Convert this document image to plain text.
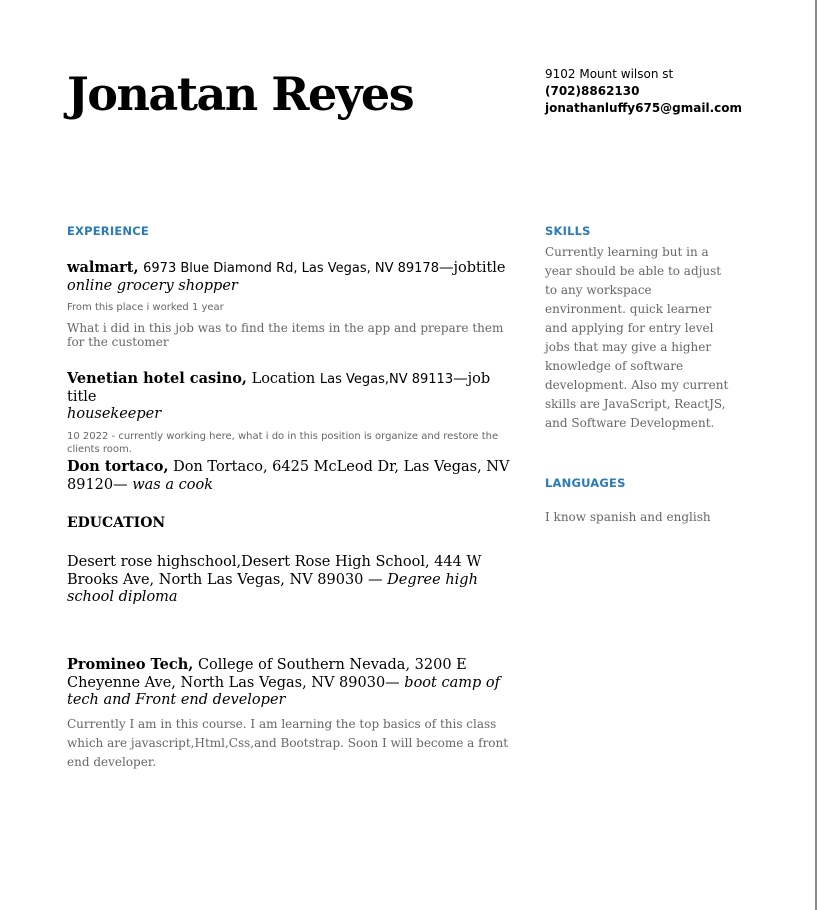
Jonatan Reyes	9102 Mount wilson st
(702)8862130
jonathanluffy675@gmail.com
EXPERIENCE
walmart, 6973 Blue Diamond Rd, Las Vegas, NV 89178—jobtitle
online grocery shopper
From this place i worked 1 year
What i did in this job was to find the items in the app and prepare them for the customer
Venetian hotel casino, Location Las Vegas,NV 89113—job title
housekeeper
10 2022 - currently working here, what i do in this position is organize and restore the clients room.
Don tortaco, Don Tortaco, 6425 McLeod Dr, Las Vegas, NV 89120— was a cook
EDUCATION
Desert rose highschool,Desert Rose High School, 444 W Brooks Ave, North Las Vegas, NV 89030 — Degree high school diploma
Promineo Tech, College of Southern Nevada, 3200 E Cheyenne Ave, North Las Vegas, NV 89030— boot camp of tech and Front end developer
Currently I am in this course. I am learning the top basics of this class which are javascript,Html,Css,and Bootstrap. Soon I will become a front end developer.
SKILLS
Currently learning but in a year should be able to adjust to any workspace environment. quick learner and applying for entry level jobs that may give a higher knowledge of software development. Also my current skills are JavaScript, ReactJS, and Software Development.
LANGUAGES
I know spanish and english
